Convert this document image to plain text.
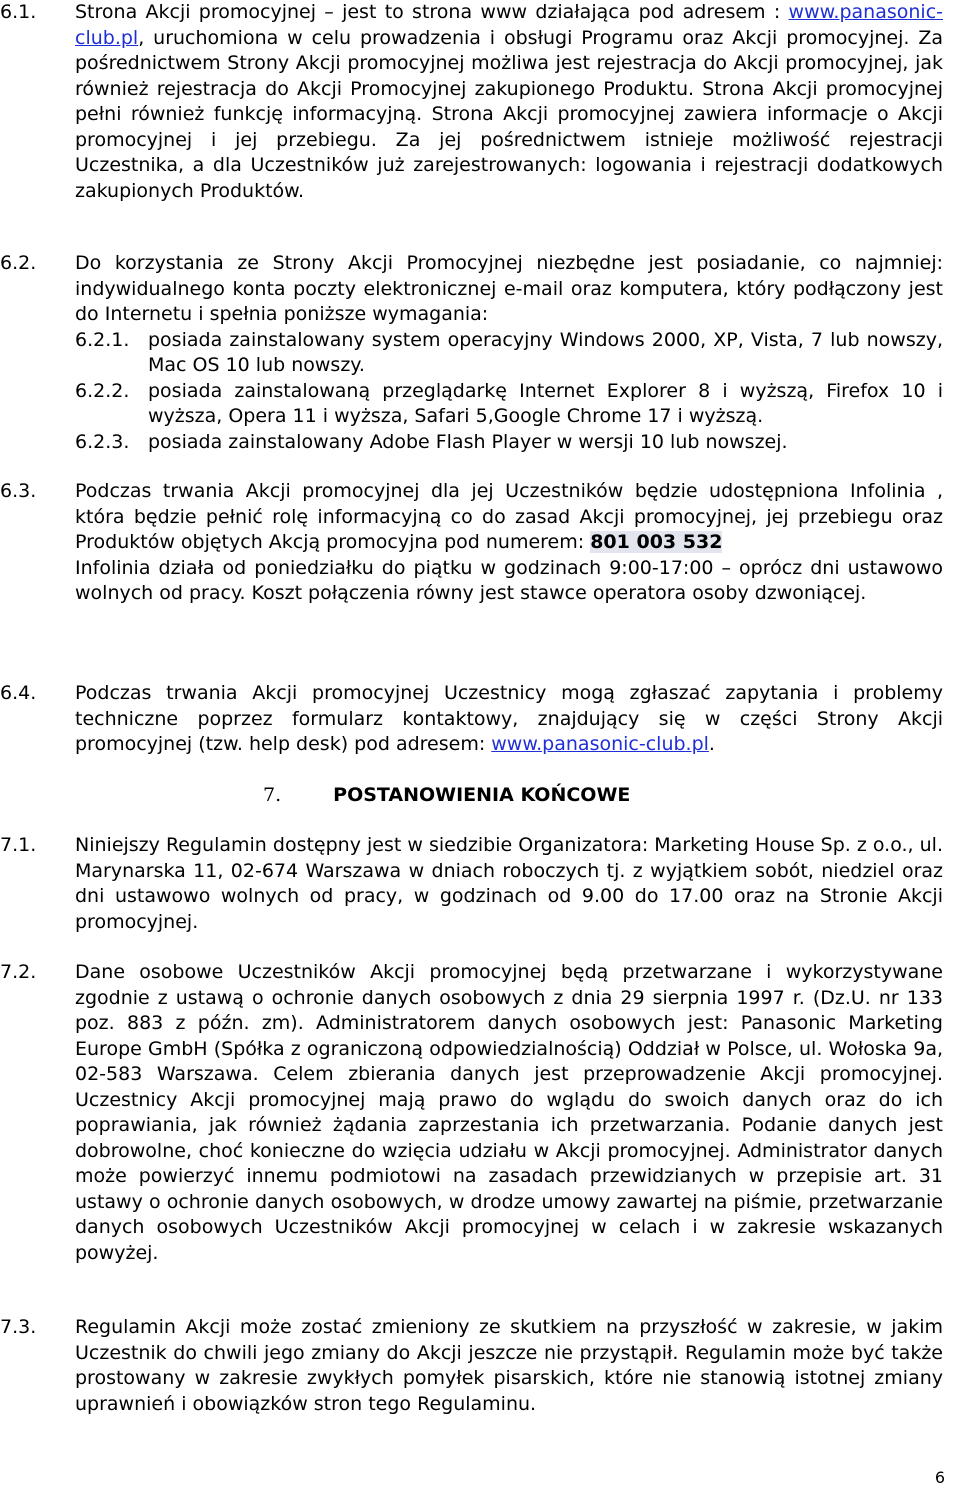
6.1. Strona Akcji promocyjnej – jest to strona www działająca pod adresem : www.panasonic-club.pl, uruchomiona w celu prowadzenia i obsługi Programu oraz Akcji promocyjnej. Za pośrednictwem Strony Akcji promocyjnej możliwa jest rejestracja do Akcji promocyjnej, jak również rejestracja do Akcji Promocyjnej zakupionego Produktu. Strona Akcji promocyjnej pełni również funkcję informacyjną. Strona Akcji promocyjnej zawiera informacje o Akcji promocyjnej i jej przebiegu. Za jej pośrednictwem istnieje możliwość rejestracji Uczestnika, a dla Uczestników już zarejestrowanych: logowania i rejestracji dodatkowych zakupionych Produktów.
6.2. Do korzystania ze Strony Akcji Promocyjnej niezbędne jest posiadanie, co najmniej: indywidualnego konta poczty elektronicznej e-mail oraz komputera, który podłączony jest do Internetu i spełnia poniższe wymagania:
6.2.1. posiada zainstalowany system operacyjny Windows 2000, XP, Vista, 7 lub nowszy, Mac OS 10 lub nowszy.
6.2.2. posiada zainstalowaną przeglądarkę Internet Explorer 8 i wyższą, Firefox 10 i wyższa, Opera 11 i wyższa, Safari 5,Google Chrome 17 i wyższą.
6.2.3. posiada zainstalowany Adobe Flash Player w wersji 10 lub nowszej.
6.3. Podczas trwania Akcji promocyjnej dla jej Uczestników będzie udostępniona Infolinia , która będzie pełnić rolę informacyjną co do zasad Akcji promocyjnej, jej przebiegu oraz Produktów objętych Akcją promocyjna pod numerem: 801 003 532
Infolinia działa od poniedziałku do piątku w godzinach 9:00-17:00 – oprócz dni ustawowo wolnych od pracy. Koszt połączenia równy jest stawce operatora osoby dzwoniącej.
6.4. Podczas trwania Akcji promocyjnej Uczestnicy mogą zgłaszać zapytania i problemy techniczne poprzez formularz kontaktowy, znajdujący się w części Strony Akcji promocyjnej (tzw. help desk) pod adresem: www.panasonic-club.pl.
7.	POSTANOWIENIA KOŃCOWE
7.1. Niniejszy Regulamin dostępny jest w siedzibie Organizatora: Marketing House Sp. z o.o., ul. Marynarska 11, 02-674 Warszawa w dniach roboczych tj. z wyjątkiem sobót, niedziel oraz dni ustawowo wolnych od pracy, w godzinach od 9.00 do 17.00 oraz na Stronie Akcji promocyjnej.
7.2. Dane osobowe Uczestników Akcji promocyjnej będą przetwarzane i wykorzystywane zgodnie z ustawą o ochronie danych osobowych z dnia 29 sierpnia 1997 r. (Dz.U. nr 133 poz. 883 z późn. zm). Administratorem danych osobowych jest: Panasonic Marketing Europe GmbH (Spółka z ograniczoną odpowiedzialnością) Oddział w Polsce, ul. Wołoska 9a, 02-583 Warszawa. Celem zbierania danych jest przeprowadzenie Akcji promocyjnej. Uczestnicy Akcji promocyjnej mają prawo do wglądu do swoich danych oraz do ich poprawiania, jak również żądania zaprzestania ich przetwarzania. Podanie danych jest dobrowolne, choć konieczne do wzięcia udziału w Akcji promocyjnej. Administrator danych może powierzyć innemu podmiotowi na zasadach przewidzianych w przepisie art. 31 ustawy o ochronie danych osobowych, w drodze umowy zawartej na piśmie, przetwarzanie danych osobowych Uczestników Akcji promocyjnej w celach i w zakresie wskazanych powyżej.
7.3. Regulamin Akcji może zostać zmieniony ze skutkiem na przyszłość w zakresie, w jakim Uczestnik do chwili jego zmiany do Akcji jeszcze nie przystąpił. Regulamin może być także prostowany w zakresie zwykłych pomyłek pisarskich, które nie stanowią istotnej zmiany uprawnień i obowiązków stron tego Regulaminu.
6
